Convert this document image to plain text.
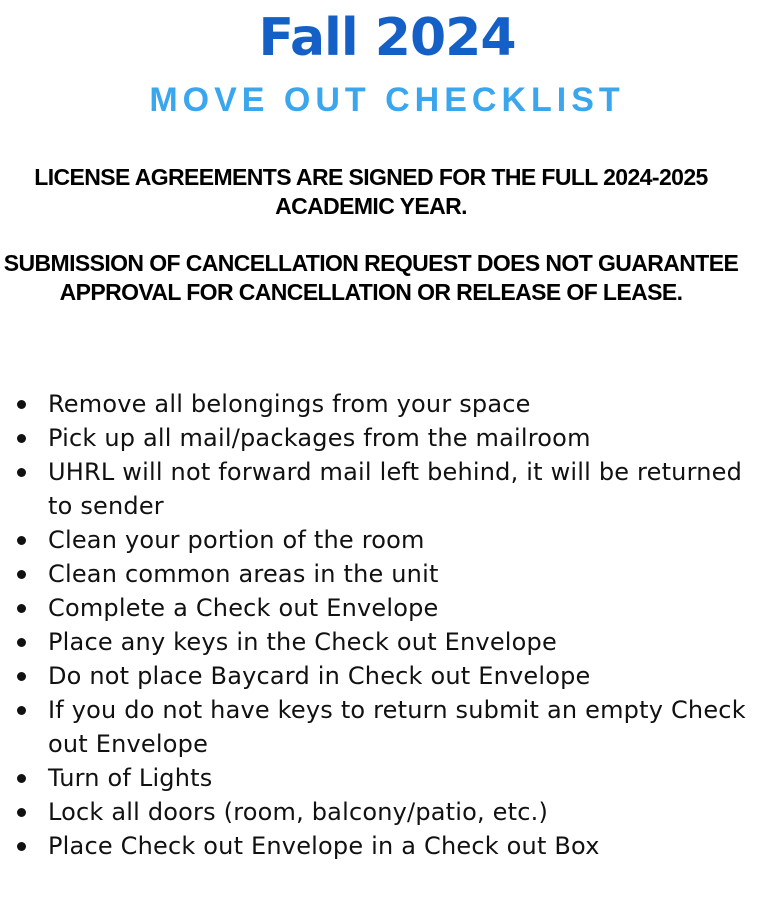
Fall 2024
MOVE OUT CHECKLIST
LICENSE AGREEMENTS ARE SIGNED FOR THE FULL 2024-2025 ACADEMIC YEAR.
SUBMISSION OF CANCELLATION REQUEST DOES NOT GUARANTEE APPROVAL FOR CANCELLATION OR RELEASE OF LEASE.
Remove all belongings from your space
Pick up all mail/packages from the mailroom
UHRL will not forward mail left behind, it will be returned to sender
Clean your portion of the room
Clean common areas in the unit
Complete a Check out Envelope
Place any keys in the Check out Envelope
Do not place Baycard in Check out Envelope
If you do not have keys to return submit an empty Check out Envelope
Turn of Lights
Lock all doors (room, balcony/patio, etc.)
Place Check out Envelope in a Check out Box
